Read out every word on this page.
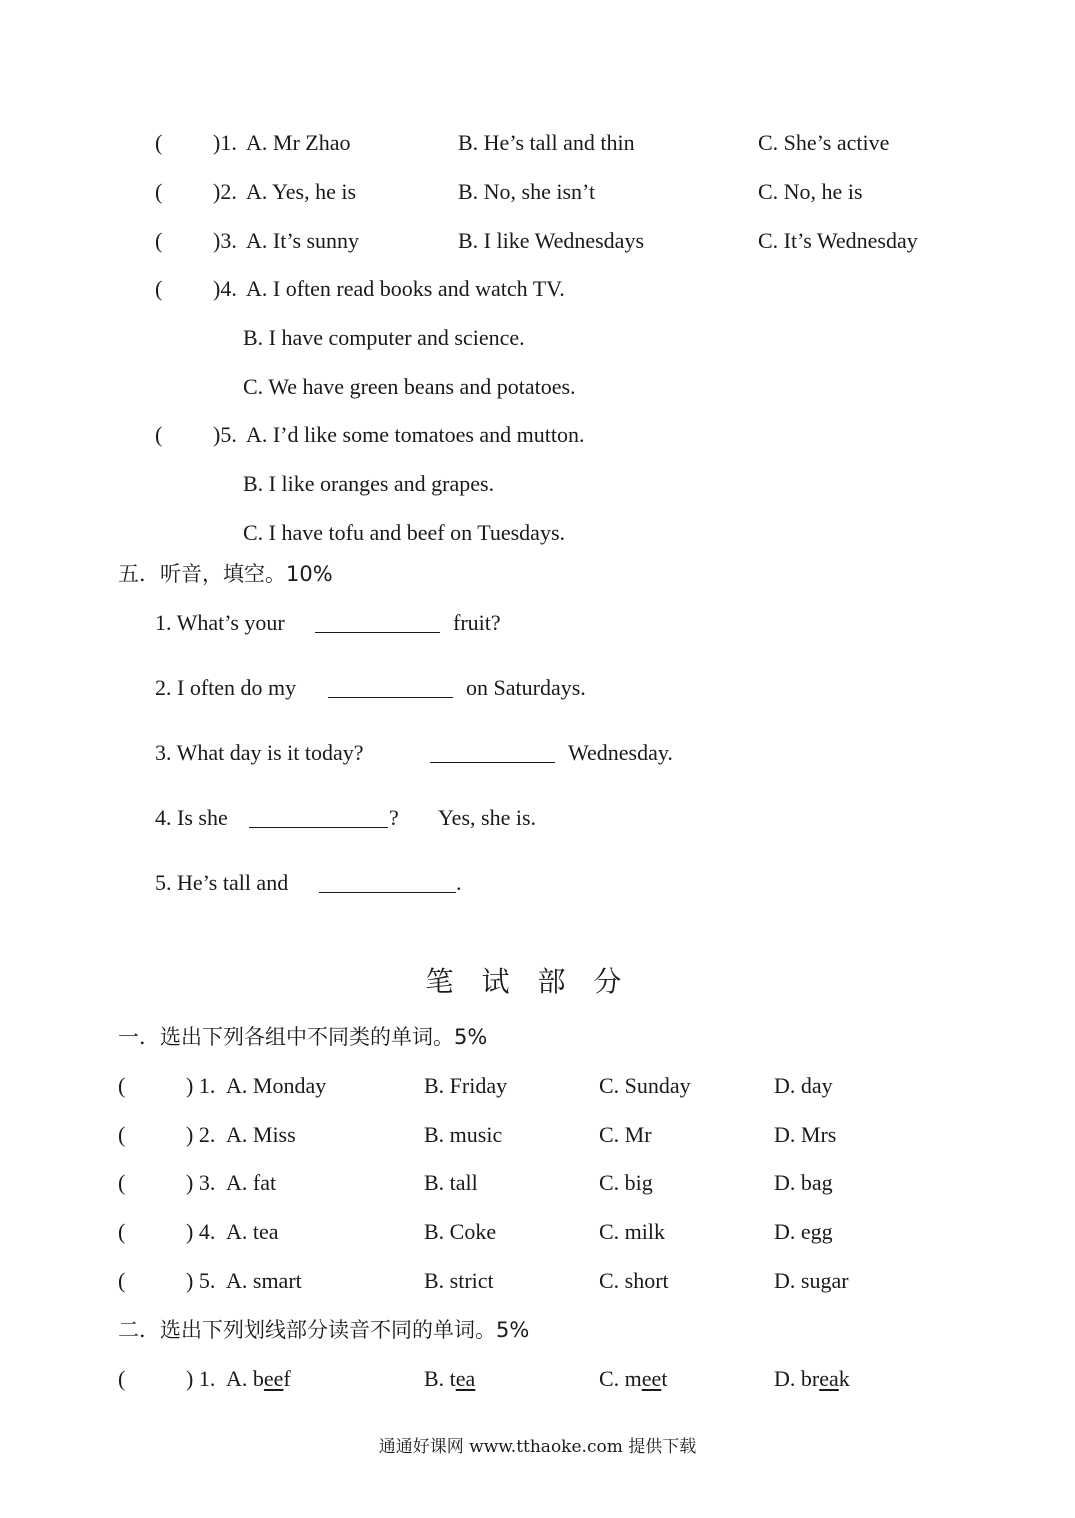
( )1. A. Mr Zhao	B. He’s tall and thin	C. She’s active
( )2. A. Yes, he is	B. No, she isn’t	C. No, he is
( )3. A. It’s sunny	B. I like Wednesdays	C. It’s Wednesday
( )4. A. I often read books and watch TV.
B. I have computer and science.
C. We have green beans and potatoes.
( )5. A. I’d like some tomatoes and mutton.
B. I like oranges and grapes.
C. I have tofu and beef on Tuesdays.
五．听音，填空。10%
1. What’s your	fruit?
2. I often do my	on Saturdays.
3. What day is it today?	Wednesday.
4. Is she	? Yes, she is.
5. He’s tall and	.
笔试部分
一．选出下列各组中不同类的单词。5%
(	) 1. A. Monday	B. Friday	C. Sunday	D. day
(	) 2. A. Miss	B. music	C. Mr	D. Mrs
(	) 3. A. fat	B. tall	C. big	D. bag
(	) 4. A. tea	B. Coke	C. milk	D. egg
(	) 5. A. smart	B. strict	C. short	D. sugar
二．选出下列划线部分读音不同的单词。5%
(	) 1. A. beef	B. tea	C. meet	D. break
通通好课网 www.tthaoke.com 提供下载
